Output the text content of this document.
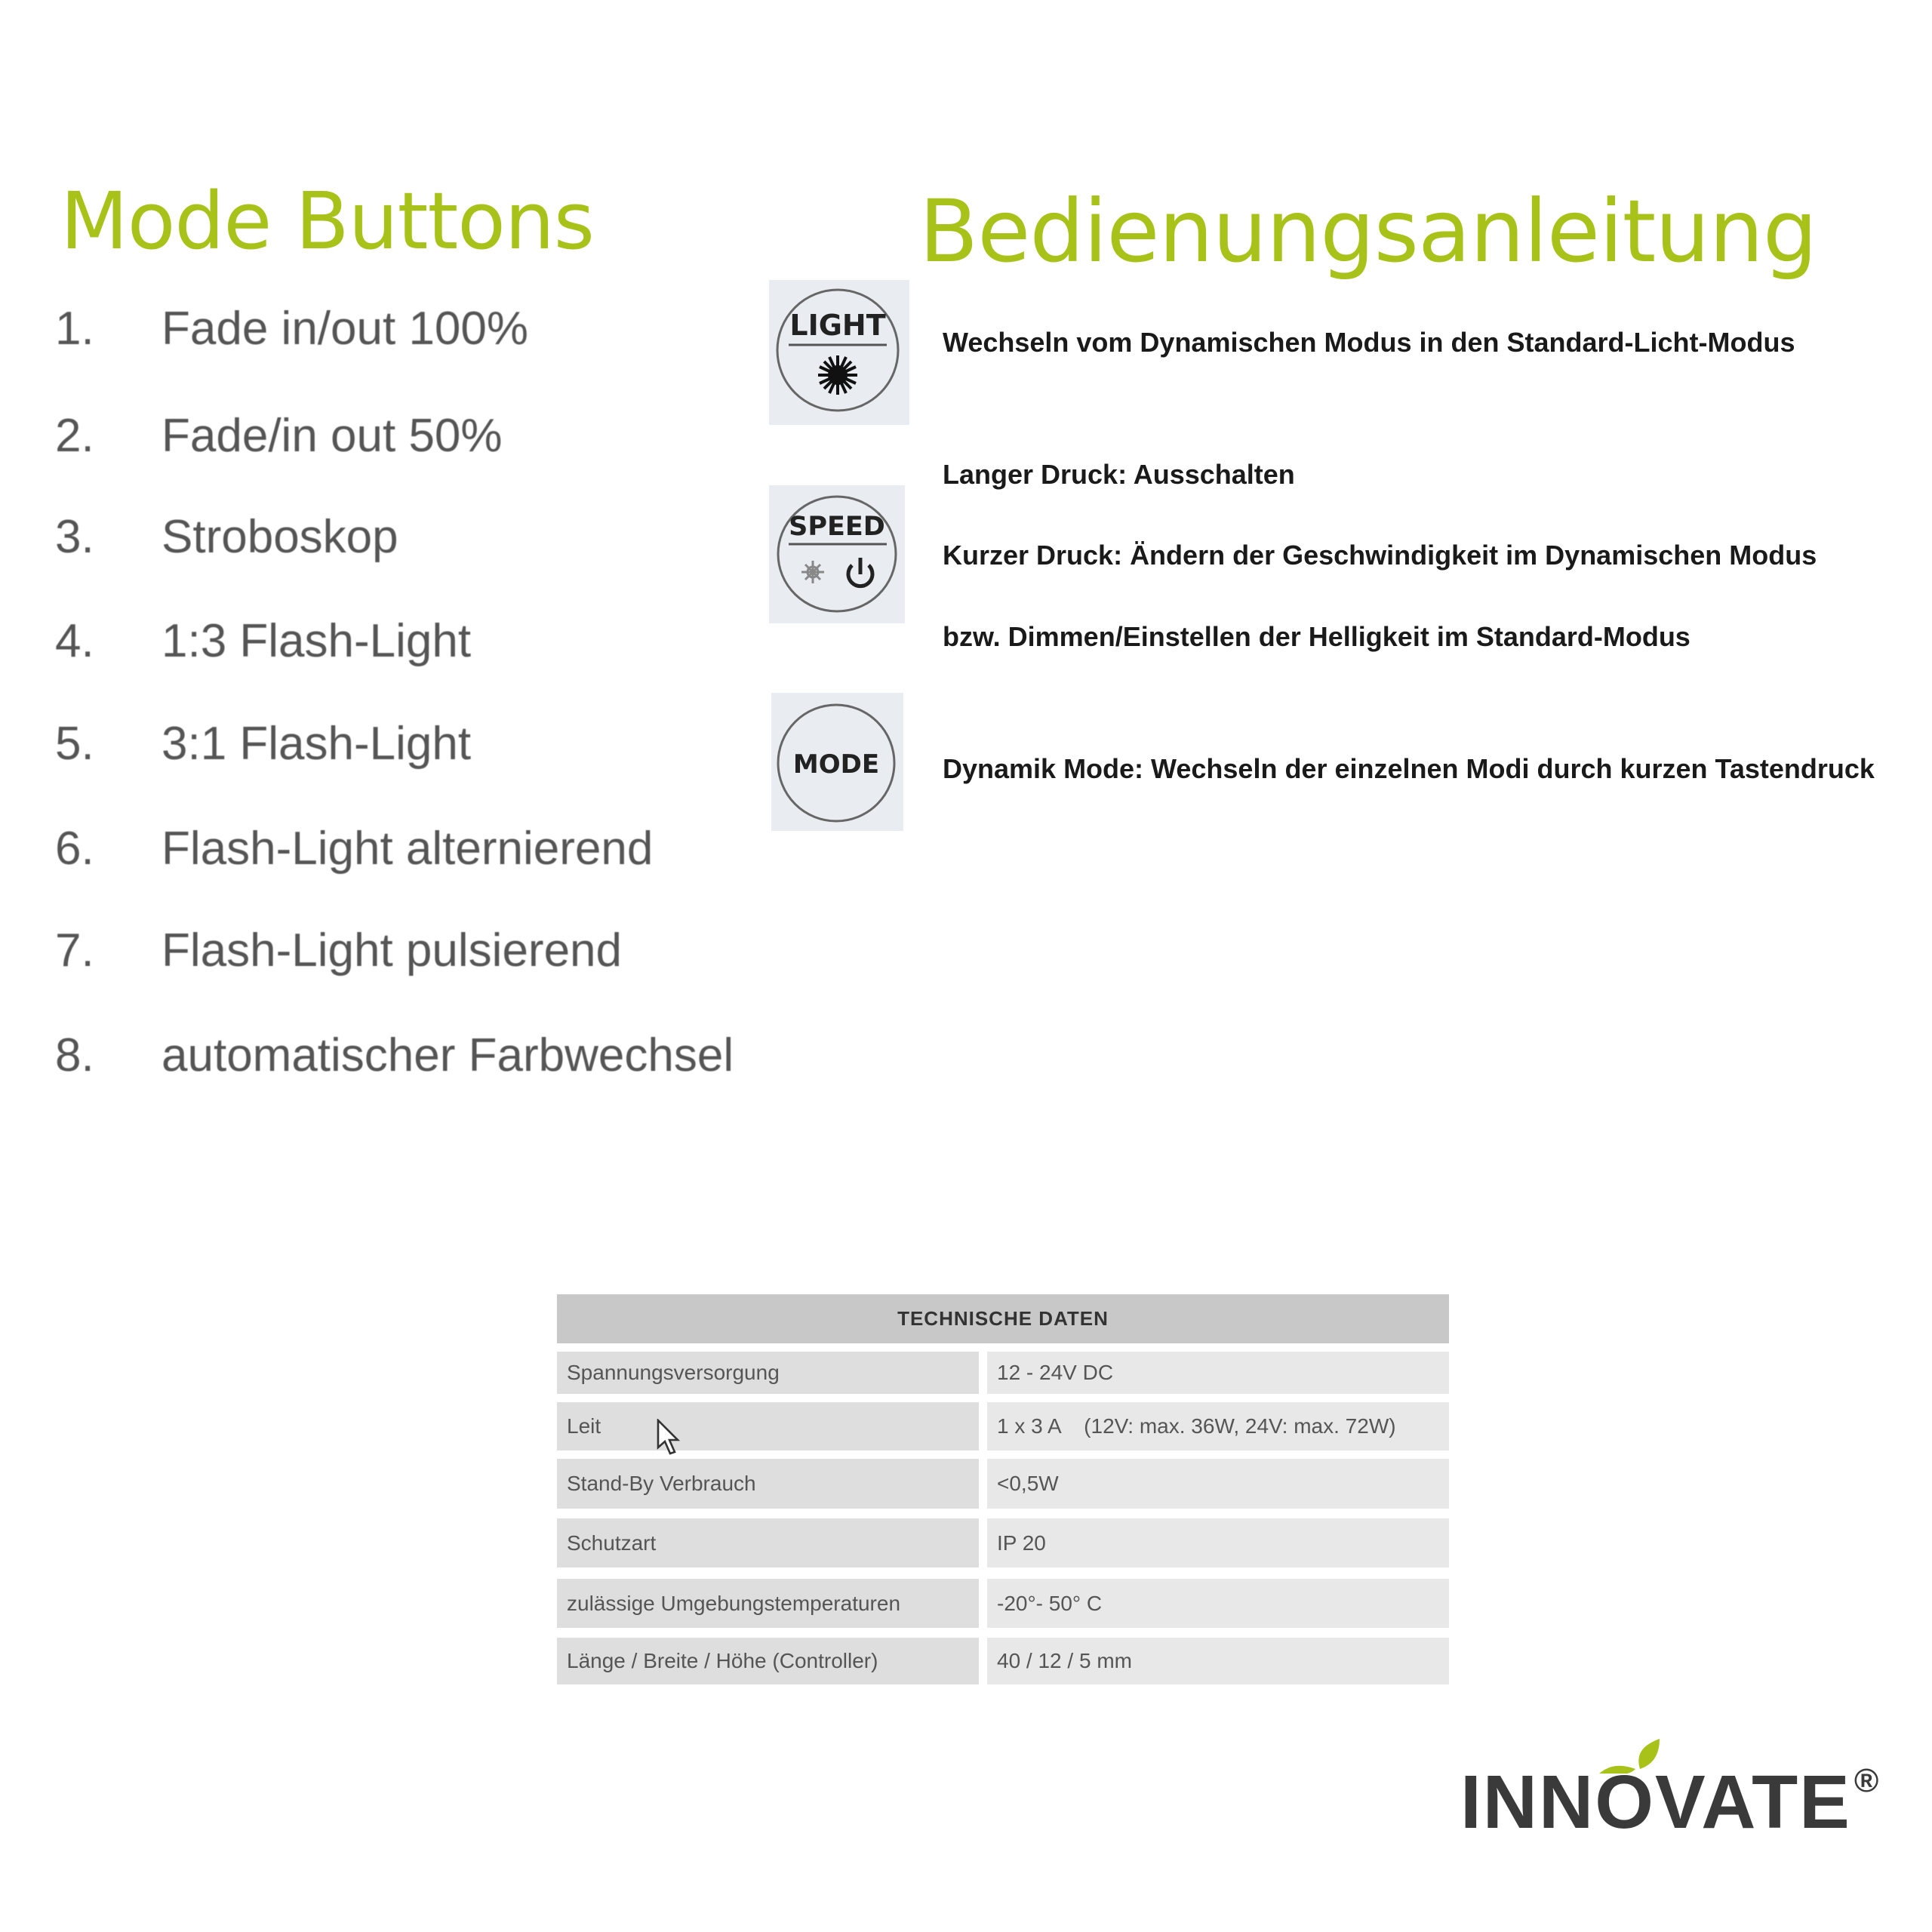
Mode Buttons	Bedienungsanleitung
1. Fade in/out 100%
2. Fade/in out 50%
3. Stroboskop
4. 1:3 Flash-Light
5. 3:1 Flash-Light
6. Flash-Light alternierend
7. Flash-Light pulsierend
8. automatischer Farbwechsel
LIGHT
SPEED
MODE
Wechseln vom Dynamischen Modus in den Standard-Licht-Modus
Langer Druck: Ausschalten
Kurzer Druck: Ändern der Geschwindigkeit im Dynamischen Modus
bzw. Dimmen/Einstellen der Helligkeit im Standard-Modus
Dynamik Mode: Wechseln der einzelnen Modi durch kurzen Tastendruck
TECHNISCHE DATEN
Spannungsversorgung	12 - 24V DC
Leit	1 x 3 A    (12V: max. 36W, 24V: max. 72W)
Stand-By Verbrauch	<0,5W
Schutzart	IP 20
zulässige Umgebungstemperaturen	-20°- 50° C
Länge / Breite / Höhe (Controller)	40 / 12 / 5 mm
INNOVATE ®
